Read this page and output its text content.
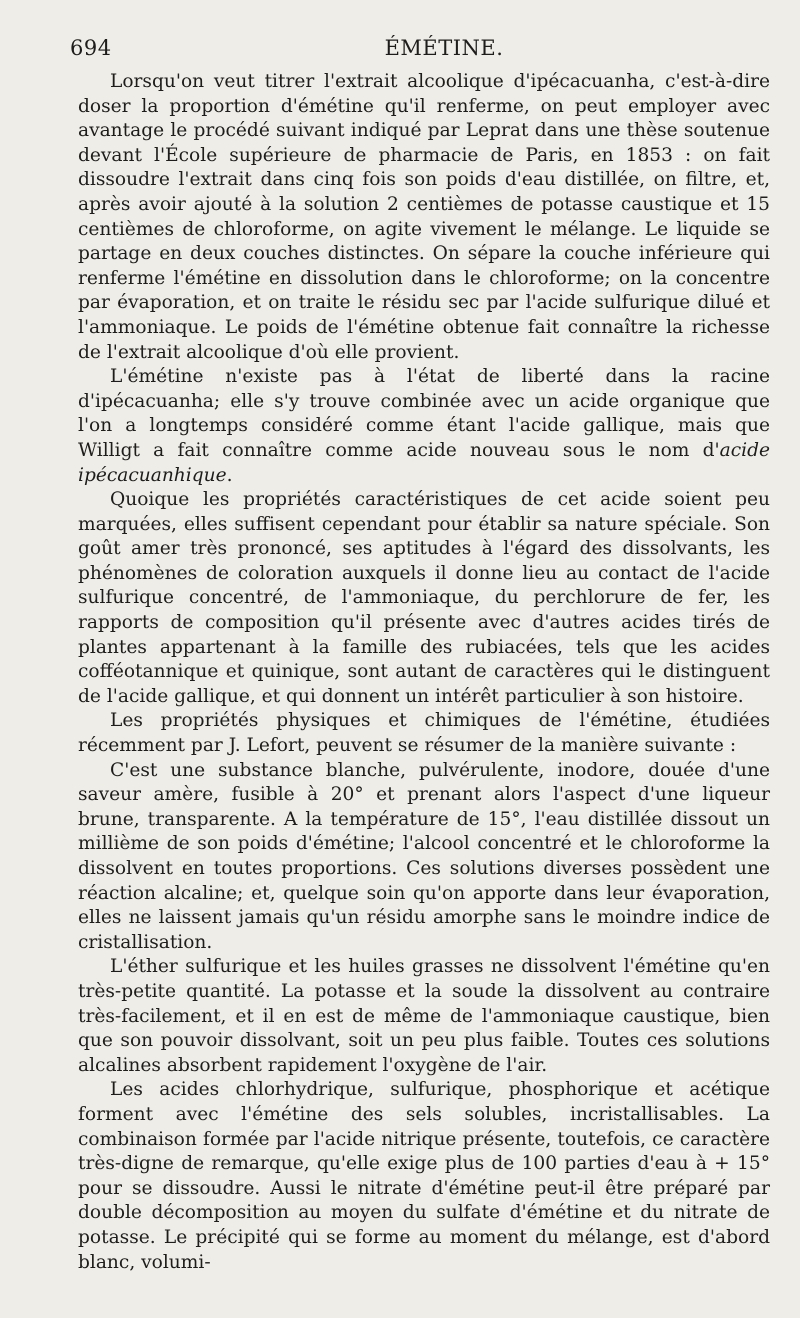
694	ÉMÉTINE.

Lorsqu'on veut titrer l'extrait alcoolique d'ipécacuanha, c'est-à-dire doser la proportion d'émétine qu'il renferme, on peut employer avec avantage le procédé suivant indiqué par Leprat dans une thèse soutenue devant l'École supérieure de pharmacie de Paris, en 1853 : on fait dissoudre l'extrait dans cinq fois son poids d'eau distillée, on filtre, et, après avoir ajouté à la solution 2 centièmes de potasse caustique et 15 centièmes de chloroforme, on agite vivement le mélange. Le liquide se partage en deux couches distinctes. On sépare la couche inférieure qui renferme l'émétine en dissolution dans le chloroforme; on la concentre par évaporation, et on traite le résidu sec par l'acide sulfurique dilué et l'ammoniaque. Le poids de l'émétine obtenue fait connaître la richesse de l'extrait alcoolique d'où elle provient.

L'émétine n'existe pas à l'état de liberté dans la racine d'ipécacuanha; elle s'y trouve combinée avec un acide organique que l'on a longtemps considéré comme étant l'acide gallique, mais que Willigt a fait connaître comme acide nouveau sous le nom d'acide ipécacuanhique.

Quoique les propriétés caractéristiques de cet acide soient peu marquées, elles suffisent cependant pour établir sa nature spéciale. Son goût amer très prononcé, ses aptitudes à l'égard des dissolvants, les phénomènes de coloration auxquels il donne lieu au contact de l'acide sulfurique concentré, de l'ammoniaque, du perchlorure de fer, les rapports de composition qu'il présente avec d'autres acides tirés de plantes appartenant à la famille des rubiacées, tels que les acides cofféotannique et quinique, sont autant de caractères qui le distinguent de l'acide gallique, et qui donnent un intérêt particulier à son histoire.

Les propriétés physiques et chimiques de l'émétine, étudiées récemment par J. Lefort, peuvent se résumer de la manière suivante :

C'est une substance blanche, pulvérulente, inodore, douée d'une saveur amère, fusible à 20° et prenant alors l'aspect d'une liqueur brune, transparente. A la température de 15°, l'eau distillée dissout un millième de son poids d'émétine; l'alcool concentré et le chloroforme la dissolvent en toutes proportions. Ces solutions diverses possèdent une réaction alcaline; et, quelque soin qu'on apporte dans leur évaporation, elles ne laissent jamais qu'un résidu amorphe sans le moindre indice de cristallisation.

L'éther sulfurique et les huiles grasses ne dissolvent l'émétine qu'en très-petite quantité. La potasse et la soude la dissolvent au contraire très-facilement, et il en est de même de l'ammoniaque caustique, bien que son pouvoir dissolvant, soit un peu plus faible. Toutes ces solutions alcalines absorbent rapidement l'oxygène de l'air.

Les acides chlorhydrique, sulfurique, phosphorique et acétique forment avec l'émétine des sels solubles, incristallisables. La combinaison formée par l'acide nitrique présente, toutefois, ce caractère très-digne de remarque, qu'elle exige plus de 100 parties d'eau à + 15° pour se dissoudre. Aussi le nitrate d'émétine peut-il être préparé par double décomposition au moyen du sulfate d'émétine et du nitrate de potasse. Le précipité qui se forme au moment du mélange, est d'abord blanc, volumi-
